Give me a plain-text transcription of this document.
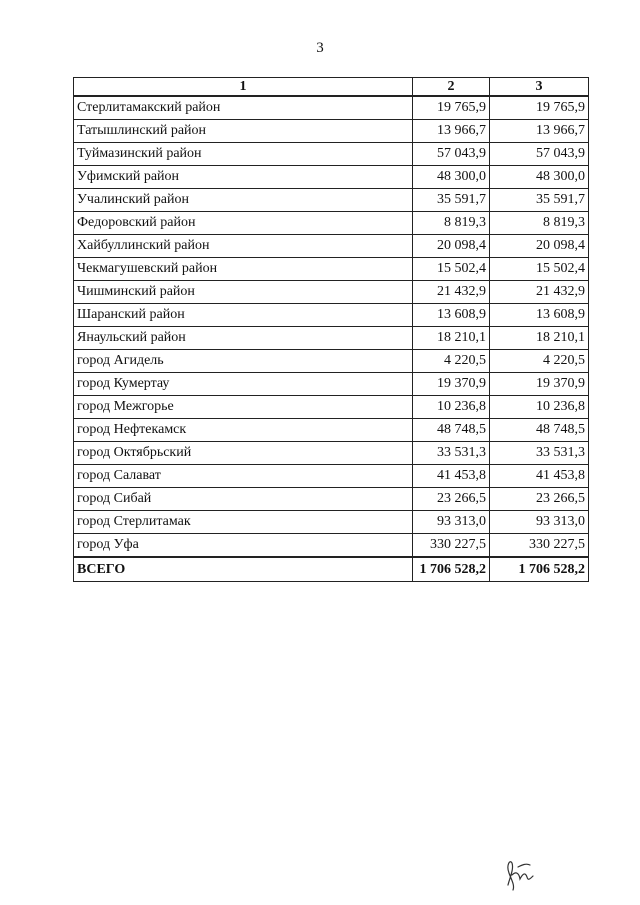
3
1	2	3
Стерлитамакский район	19 765,9	19 765,9
Татышлинский район	13 966,7	13 966,7
Туймазинский район	57 043,9	57 043,9
Уфимский район	48 300,0	48 300,0
Учалинский район	35 591,7	35 591,7
Федоровский район	8 819,3	8 819,3
Хайбуллинский район	20 098,4	20 098,4
Чекмагушевский район	15 502,4	15 502,4
Чишминский район	21 432,9	21 432,9
Шаранский район	13 608,9	13 608,9
Янаульский район	18 210,1	18 210,1
город Агидель	4 220,5	4 220,5
город Кумертау	19 370,9	19 370,9
город Межгорье	10 236,8	10 236,8
город Нефтекамск	48 748,5	48 748,5
город Октябрьский	33 531,3	33 531,3
город Салават	41 453,8	41 453,8
город Сибай	23 266,5	23 266,5
город Стерлитамак	93 313,0	93 313,0
город Уфа	330 227,5	330 227,5
ВСЕГО	1 706 528,2	1 706 528,2
